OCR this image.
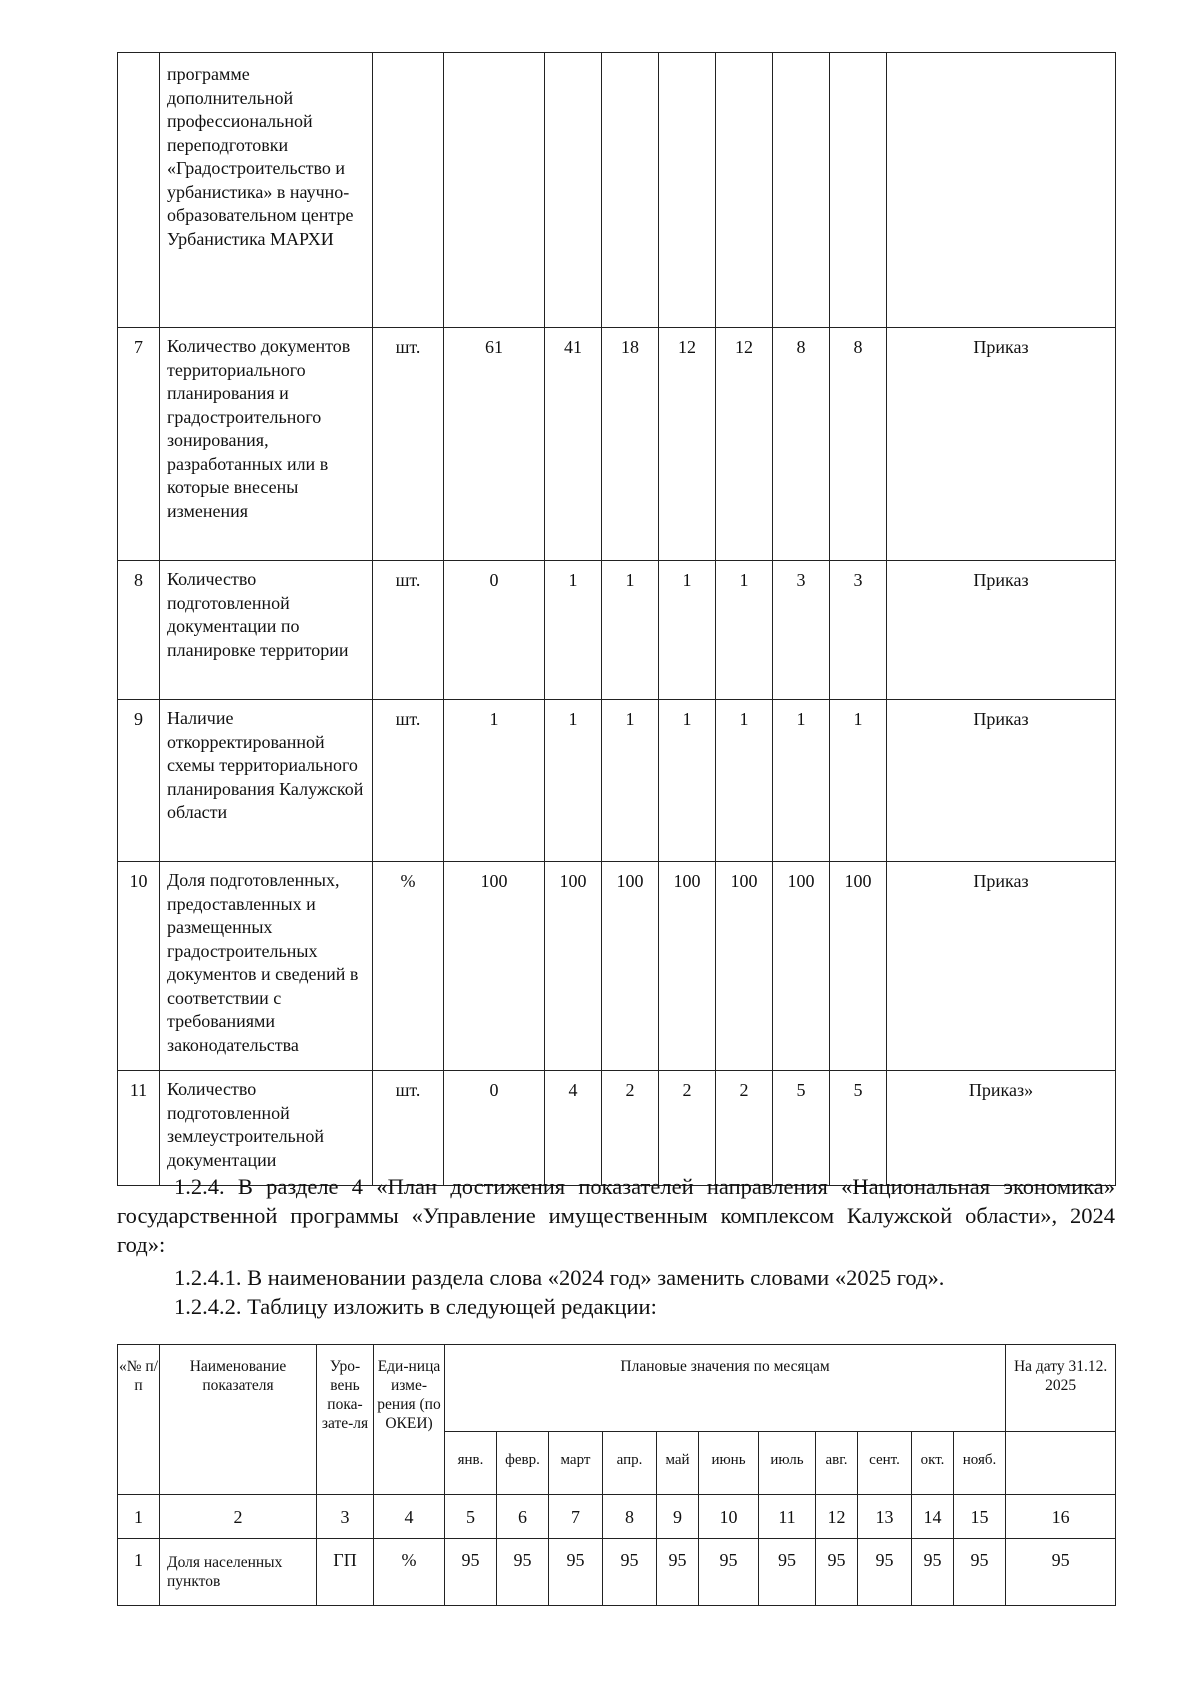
	программе дополнительной профессиональной переподготовки «Градостроительство и урбанистика» в научно-образовательном центре Урбанистика МАРХИ									
7	Количество документов территориального планирования и градостроительного зонирования, разработанных или в которые внесены изменения	шт.	61	41	18	12	12	8	8	Приказ
8	Количество подготовленной документации по планировке территории	шт.	0	1	1	1	1	3	3	Приказ
9	Наличие откорректированной схемы территориального планирования Калужской области	шт.	1	1	1	1	1	1	1	Приказ
10	Доля подготовленных, предоставленных и размещенных градостроительных документов и сведений в соответствии с требованиями законодательства	%	100	100	100	100	100	100	100	Приказ
11	Количество подготовленной землеустроительной документации	шт.	0	4	2	2	2	5	5	Приказ»

1.2.4. В разделе 4 «План достижения показателей направления «Национальная экономика» государственной программы «Управление имущественным комплексом Калужской области», 2024 год»:

1.2.4.1. В наименовании раздела слова «2024 год» заменить словами «2025 год».

1.2.4.2. Таблицу изложить в следующей редакции:

«№ п/п	Наименование показателя	Уро-вень пока-зате-ля	Еди-ница изме-рения (по ОКЕИ)	Плановые значения по месяцам											На дату 31.12. 2025
				янв.	февр.	март	апр.	май	июнь	июль	авг.	сент.	окт.	нояб.	
1	2	3	4	5	6	7	8	9	10	11	12	13	14	15	16
1	Доля населенных пунктов	ГП	%	95	95	95	95	95	95	95	95	95	95	95	95
